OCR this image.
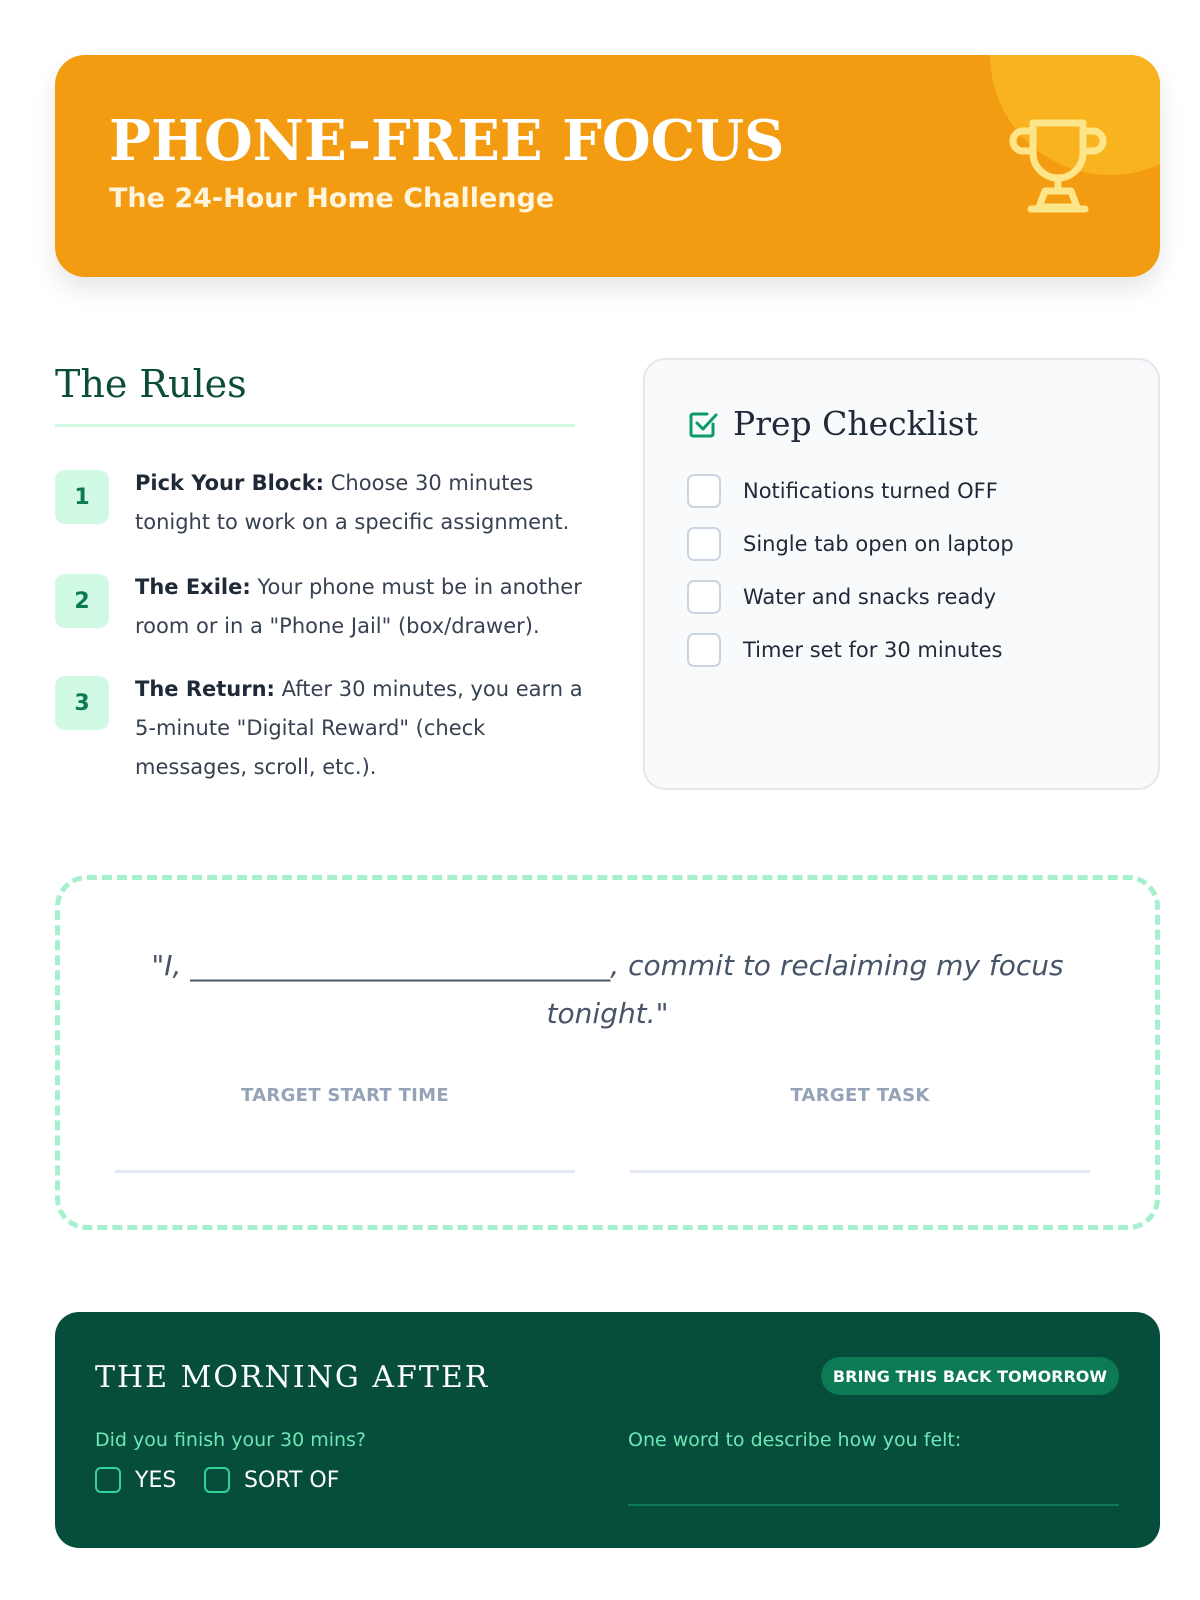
PHONE-FREE FOCUS
The 24-Hour Home Challenge
The Rules
1
Pick Your Block: Choose 30 minutes tonight to work on a specific assignment.
2
The Exile: Your phone must be in another room or in a "Phone Jail" (box/drawer).
3
The Return: After 30 minutes, you earn a 5-minute "Digital Reward" (check messages, scroll, etc.).
Prep Checklist
Notifications turned OFF
Single tab open on laptop
Water and snacks ready
Timer set for 30 minutes
"I, ______________________________, commit to reclaiming my focus tonight."
TARGET START TIME	TARGET TASK
THE MORNING AFTER	BRING THIS BACK TOMORROW
Did you finish your 30 mins?
YES	SORT OF
One word to describe how you felt:
